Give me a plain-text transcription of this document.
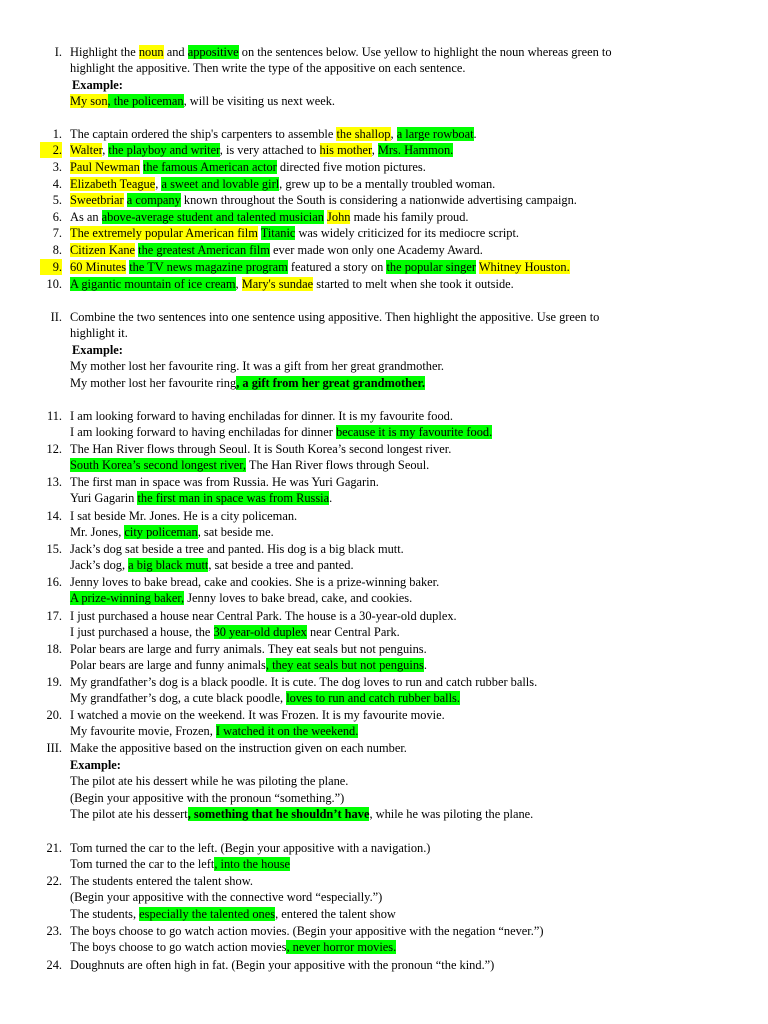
I. Highlight the noun and appositive on the sentences below. Use yellow to highlight the noun whereas green to
highlight the appositive. Then write the type of the appositive on each sentence.
Example:
My son, the policeman, will be visiting us next week.
II. Combine the two sentences into one sentence using appositive. Then highlight the appositive. Use green to
highlight it.
Example:
My mother lost her favourite ring. It was a gift from her great grandmother.
My mother lost her favourite ring, a gift from her great grandmother.
III. Make the appositive based on the instruction given on each number.
Example:
The pilot ate his dessert while he was piloting the plane.
(Begin your appositive with the pronoun “something.”)
The pilot ate his dessert, something that he shouldn’t have, while he was piloting the plane.
1. The captain ordered the ship's carpenters to assemble the shallop, a large rowboat.
2. Walter, the playboy and writer, is very attached to his mother, Mrs. Hammon.
3. Paul Newman the famous American actor directed five motion pictures.
4. Elizabeth Teague, a sweet and lovable girl, grew up to be a mentally troubled woman.
5. Sweetbriar a company known throughout the South is considering a nationwide advertising campaign.
6. As an above-average student and talented musician John made his family proud.
7. The extremely popular American film Titanic was widely criticized for its mediocre script.
8. Citizen Kane the greatest American film ever made won only one Academy Award.
9. 60 Minutes the TV news magazine program featured a story on the popular singer Whitney Houston.
10. A gigantic mountain of ice cream, Mary's sundae started to melt when she took it outside.
11. I am looking forward to having enchiladas for dinner. It is my favourite food.
I am looking forward to having enchiladas for dinner because it is my favourite food.
12. The Han River flows through Seoul. It is South Korea’s second longest river.
South Korea’s second longest river, The Han River flows through Seoul.
13. The first man in space was from Russia. He was Yuri Gagarin.
Yuri Gagarin the first man in space was from Russia.
14. I sat beside Mr. Jones. He is a city policeman.
Mr. Jones, city policeman, sat beside me.
15. Jack’s dog sat beside a tree and panted. His dog is a big black mutt.
Jack’s dog, a big black mutt, sat beside a tree and panted.
16. Jenny loves to bake bread, cake and cookies. She is a prize-winning baker.
A prize-winning baker, Jenny loves to bake bread, cake, and cookies.
17. I just purchased a house near Central Park. The house is a 30-year-old duplex.
I just purchased a house, the 30 year-old duplex near Central Park.
18. Polar bears are large and furry animals. They eat seals but not penguins.
Polar bears are large and funny animals, they eat seals but not penguins.
19. My grandfather’s dog is a black poodle. It is cute. The dog loves to run and catch rubber balls.
My grandfather’s dog, a cute black poodle, loves to run and catch rubber balls.
20. I watched a movie on the weekend. It was Frozen. It is my favourite movie.
My favourite movie, Frozen, I watched it on the weekend.
21. Tom turned the car to the left. (Begin your appositive with a navigation.)
Tom turned the car to the left, into the house
22. The students entered the talent show.
(Begin your appositive with the connective word “especially.”)
The students, especially the talented ones, entered the talent show
23. The boys choose to go watch action movies. (Begin your appositive with the negation “never.”)
The boys choose to go watch action movies, never horror movies.
24. Doughnuts are often high in fat. (Begin your appositive with the pronoun “the kind.”)
